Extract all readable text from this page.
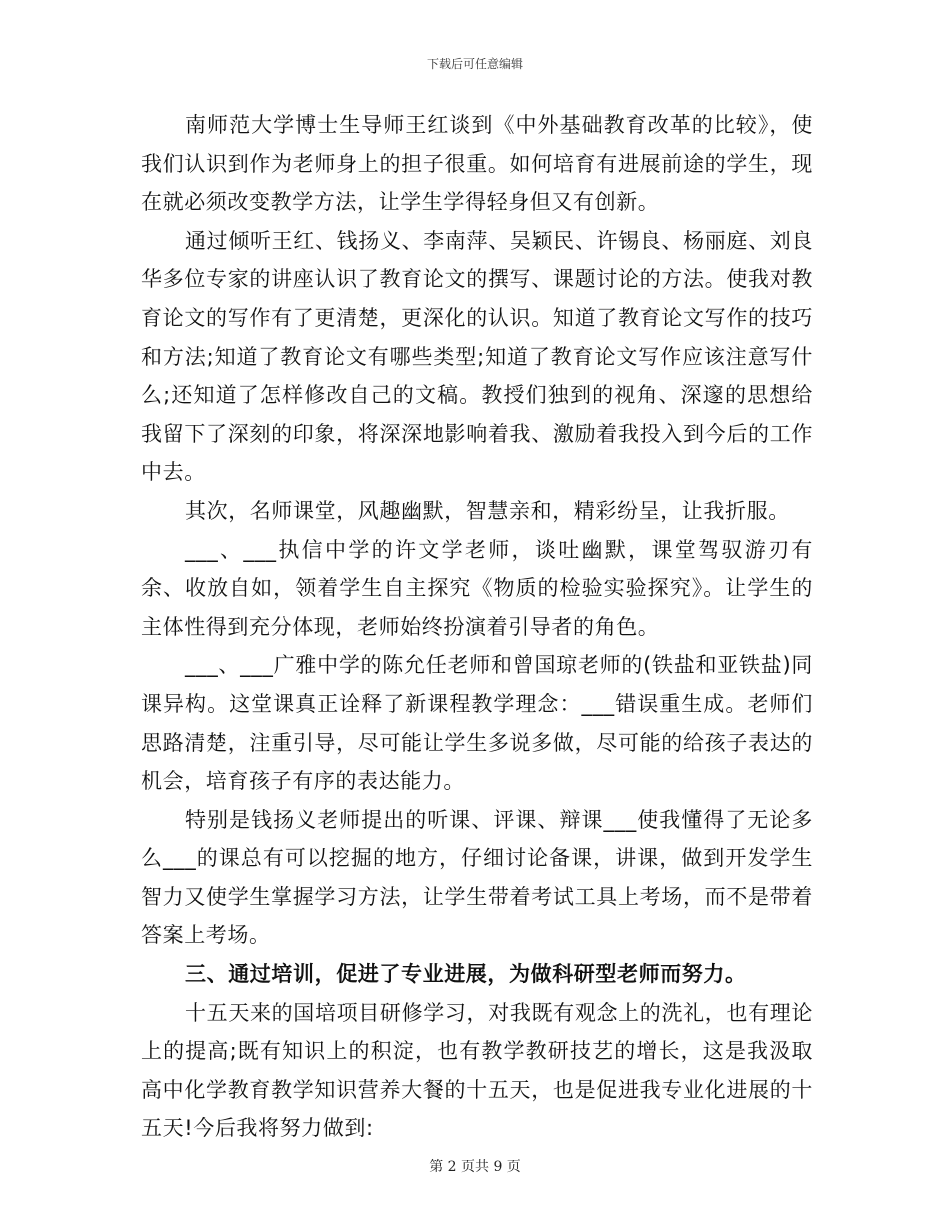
下载后可任意编辑

南师范大学博士生导师王红谈到《中外基础教育改革的比较》，使我们认识到作为老师身上的担子很重。如何培育有进展前途的学生，现在就必须改变教学方法，让学生学得轻身但又有创新。

通过倾听王红、钱扬义、李南萍、吴颖民、许锡良、杨丽庭、刘良华多位专家的讲座认识了教育论文的撰写、课题讨论的方法。使我对教育论文的写作有了更清楚，更深化的认识。知道了教育论文写作的技巧和方法;知道了教育论文有哪些类型;知道了教育论文写作应该注意写什么;还知道了怎样修改自己的文稿。教授们独到的视角、深邃的思想给我留下了深刻的印象，将深深地影响着我、激励着我投入到今后的工作中去。

其次，名师课堂，风趣幽默，智慧亲和，精彩纷呈，让我折服。

___、___执信中学的许文学老师，谈吐幽默，课堂驾驭游刃有余、收放自如，领着学生自主探究《物质的检验实验探究》。让学生的主体性得到充分体现，老师始终扮演着引导者的角色。

___、___广雅中学的陈允任老师和曾国琼老师的(铁盐和亚铁盐)同课异构。这堂课真正诠释了新课程教学理念：___错误重生成。老师们思路清楚，注重引导，尽可能让学生多说多做，尽可能的给孩子表达的机会，培育孩子有序的表达能力。

特别是钱扬义老师提出的听课、评课、辩课___使我懂得了无论多么___的课总有可以挖掘的地方，仔细讨论备课，讲课，做到开发学生智力又使学生掌握学习方法，让学生带着考试工具上考场，而不是带着答案上考场。

三、通过培训，促进了专业进展，为做科研型老师而努力。

十五天来的国培项目研修学习，对我既有观念上的洗礼，也有理论上的提高;既有知识上的积淀，也有教学教研技艺的增长，这是我汲取高中化学教育教学知识营养大餐的十五天，也是促进我专业化进展的十五天!今后我将努力做到:

第 2 页共 9 页
